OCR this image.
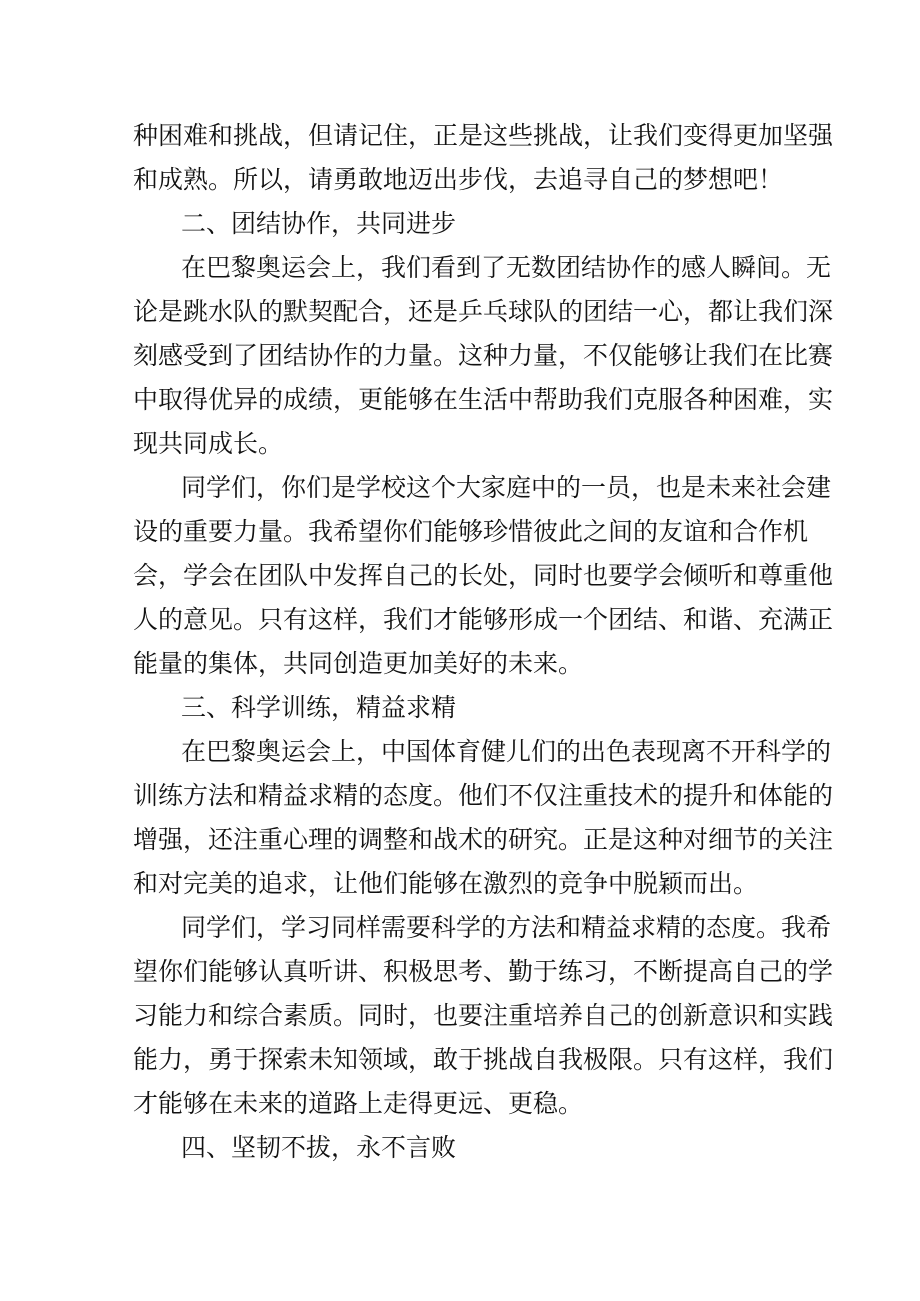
种困难和挑战，但请记住，正是这些挑战，让我们变得更加坚强
和成熟。所以，请勇敢地迈出步伐，去追寻自己的梦想吧！
二、团结协作，共同进步
在巴黎奥运会上，我们看到了无数团结协作的感人瞬间。无
论是跳水队的默契配合，还是乒乓球队的团结一心，都让我们深
刻感受到了团结协作的力量。这种力量，不仅能够让我们在比赛
中取得优异的成绩，更能够在生活中帮助我们克服各种困难，实
现共同成长。
同学们，你们是学校这个大家庭中的一员，也是未来社会建
设的重要力量。我希望你们能够珍惜彼此之间的友谊和合作机
会，学会在团队中发挥自己的长处，同时也要学会倾听和尊重他
人的意见。只有这样，我们才能够形成一个团结、和谐、充满正
能量的集体，共同创造更加美好的未来。
三、科学训练，精益求精
在巴黎奥运会上，中国体育健儿们的出色表现离不开科学的
训练方法和精益求精的态度。他们不仅注重技术的提升和体能的
增强，还注重心理的调整和战术的研究。正是这种对细节的关注
和对完美的追求，让他们能够在激烈的竞争中脱颖而出。
同学们，学习同样需要科学的方法和精益求精的态度。我希
望你们能够认真听讲、积极思考、勤于练习，不断提高自己的学
习能力和综合素质。同时，也要注重培养自己的创新意识和实践
能力，勇于探索未知领域，敢于挑战自我极限。只有这样，我们
才能够在未来的道路上走得更远、更稳。
四、坚韧不拔，永不言败
